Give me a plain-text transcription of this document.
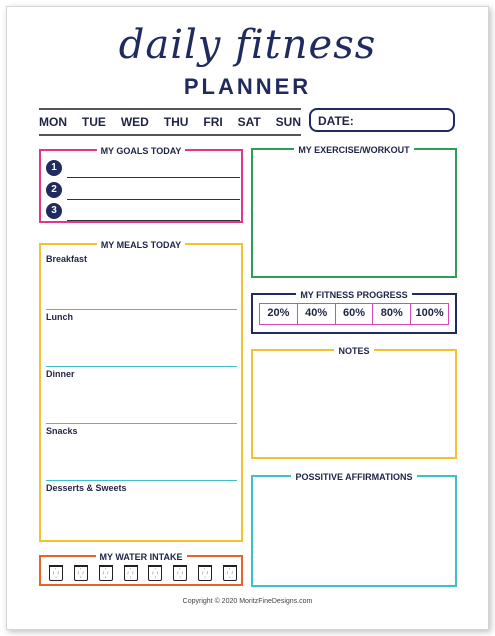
daily fitness
PLANNER
MON TUE WED THU FRI SAT SUN	DATE:
MY GOALS TODAY
1
2
3
MY MEALS TODAY
Breakfast
Lunch
Dinner
Snacks
Desserts & Sweets
MY WATER INTAKE
·˙·
˙·˙
·˙·
˙·˙
·˙·
˙·˙
·˙·
˙·˙
·˙·
˙·˙
·˙·
˙·˙
·˙·
˙·˙
·˙·
˙·˙
MY EXERCISE/WORKOUT
MY FITNESS PROGRESS
20%	40%	60%	80%	100%
NOTES
POSSITIVE AFFIRMATIONS
Copyright © 2020 MoritzFineDesigns.com
